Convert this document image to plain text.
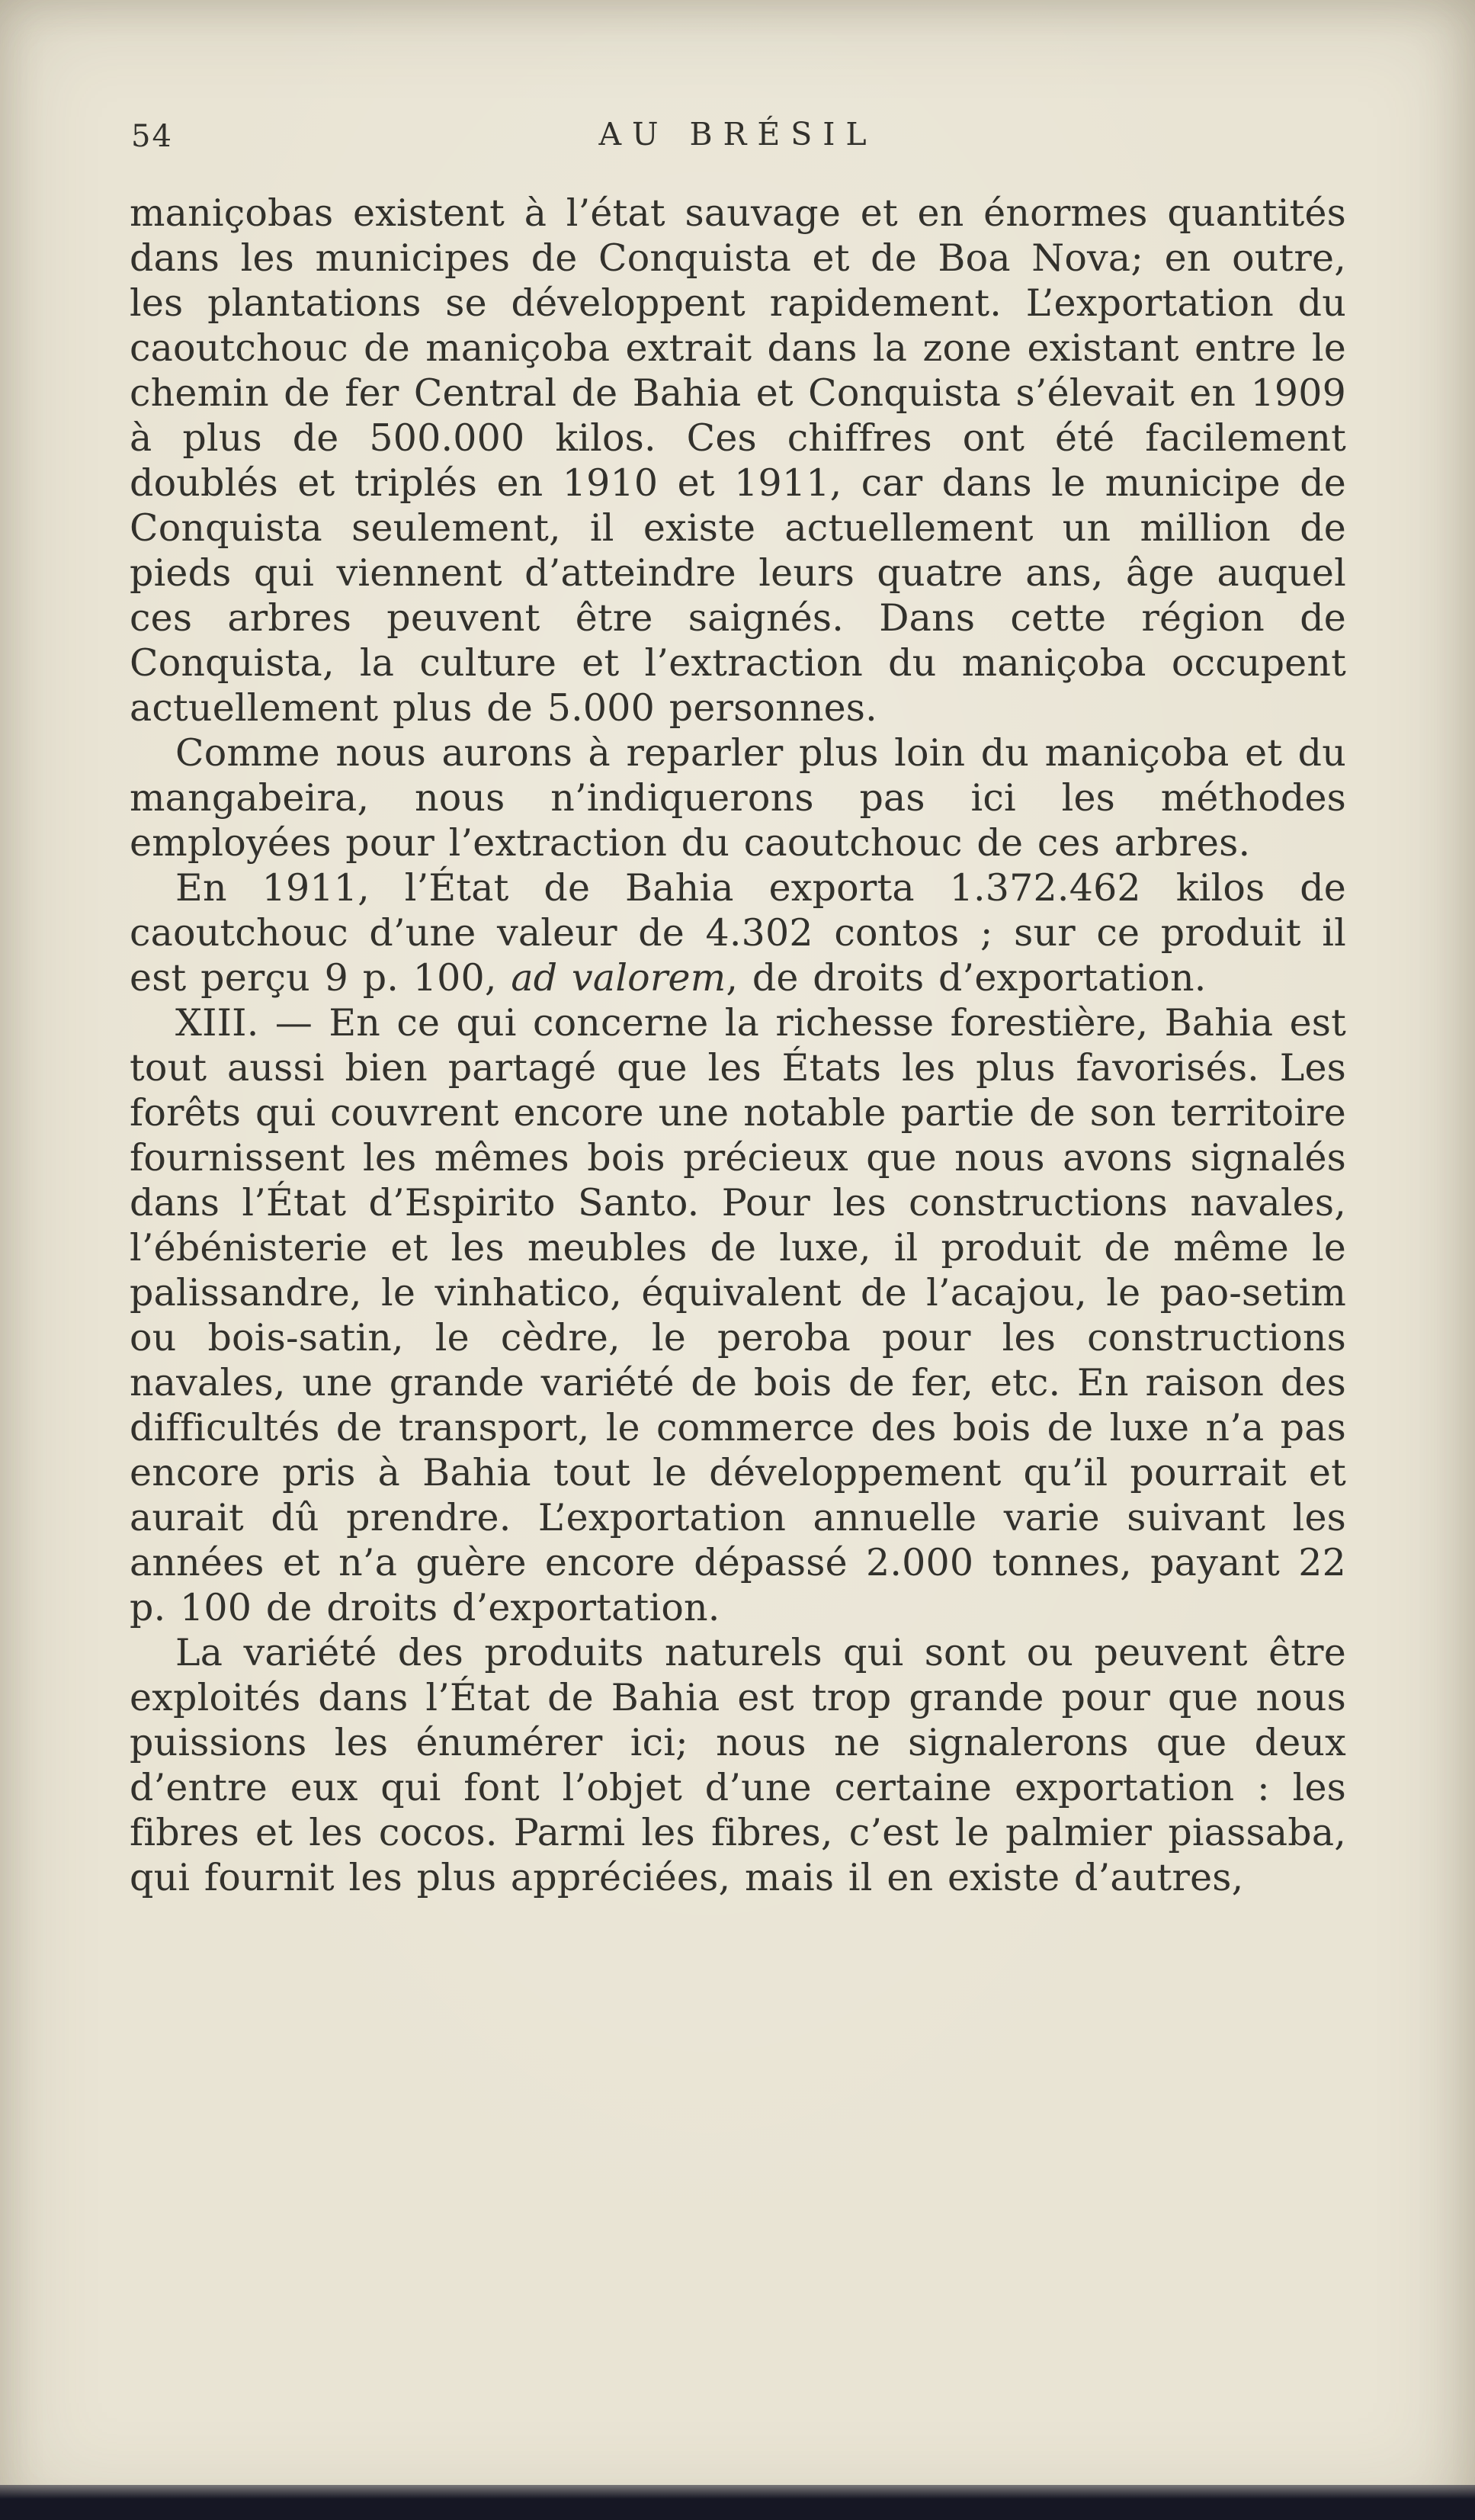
54	AU BRÉSIL

maniçobas existent à l’état sauvage et en énormes quantités dans les municipes de Conquista et de Boa Nova; en outre, les plantations se développent rapidement. L’exportation du caoutchouc de maniçoba extrait dans la zone existant entre le chemin de fer Central de Bahia et Conquista s’élevait en 1909 à plus de 500.000 kilos. Ces chiffres ont été facilement doublés et triplés en 1910 et 1911, car dans le municipe de Conquista seulement, il existe actuellement un million de pieds qui viennent d’atteindre leurs quatre ans, âge auquel ces arbres peuvent être saignés. Dans cette région de Conquista, la culture et l’extraction du maniçoba occupent actuellement plus de 5.000 personnes.

Comme nous aurons à reparler plus loin du maniçoba et du mangabeira, nous n’indiquerons pas ici les méthodes employées pour l’extraction du caoutchouc de ces arbres.

En 1911, l’État de Bahia exporta 1.372.462 kilos de caoutchouc d’une valeur de 4.302 contos ; sur ce produit il est perçu 9 p. 100, ad valorem, de droits d’exportation.

XIII. — En ce qui concerne la richesse forestière, Bahia est tout aussi bien partagé que les États les plus favorisés. Les forêts qui couvrent encore une notable partie de son territoire fournissent les mêmes bois précieux que nous avons signalés dans l’État d’Espirito Santo. Pour les constructions navales, l’ébénisterie et les meubles de luxe, il produit de même le palissandre, le vinhatico, équivalent de l’acajou, le pao-setim ou bois-satin, le cèdre, le peroba pour les constructions navales, une grande variété de bois de fer, etc. En raison des difficultés de transport, le commerce des bois de luxe n’a pas encore pris à Bahia tout le développement qu’il pourrait et aurait dû prendre. L’exportation annuelle varie suivant les années et n’a guère encore dépassé 2.000 tonnes, payant 22 p. 100 de droits d’exportation.

La variété des produits naturels qui sont ou peuvent être exploités dans l’État de Bahia est trop grande pour que nous puissions les énumérer ici; nous ne signalerons que deux d’entre eux qui font l’objet d’une certaine exportation : les fibres et les cocos. Parmi les fibres, c’est le palmier piassaba, qui fournit les plus appréciées, mais il en existe d’autres,
